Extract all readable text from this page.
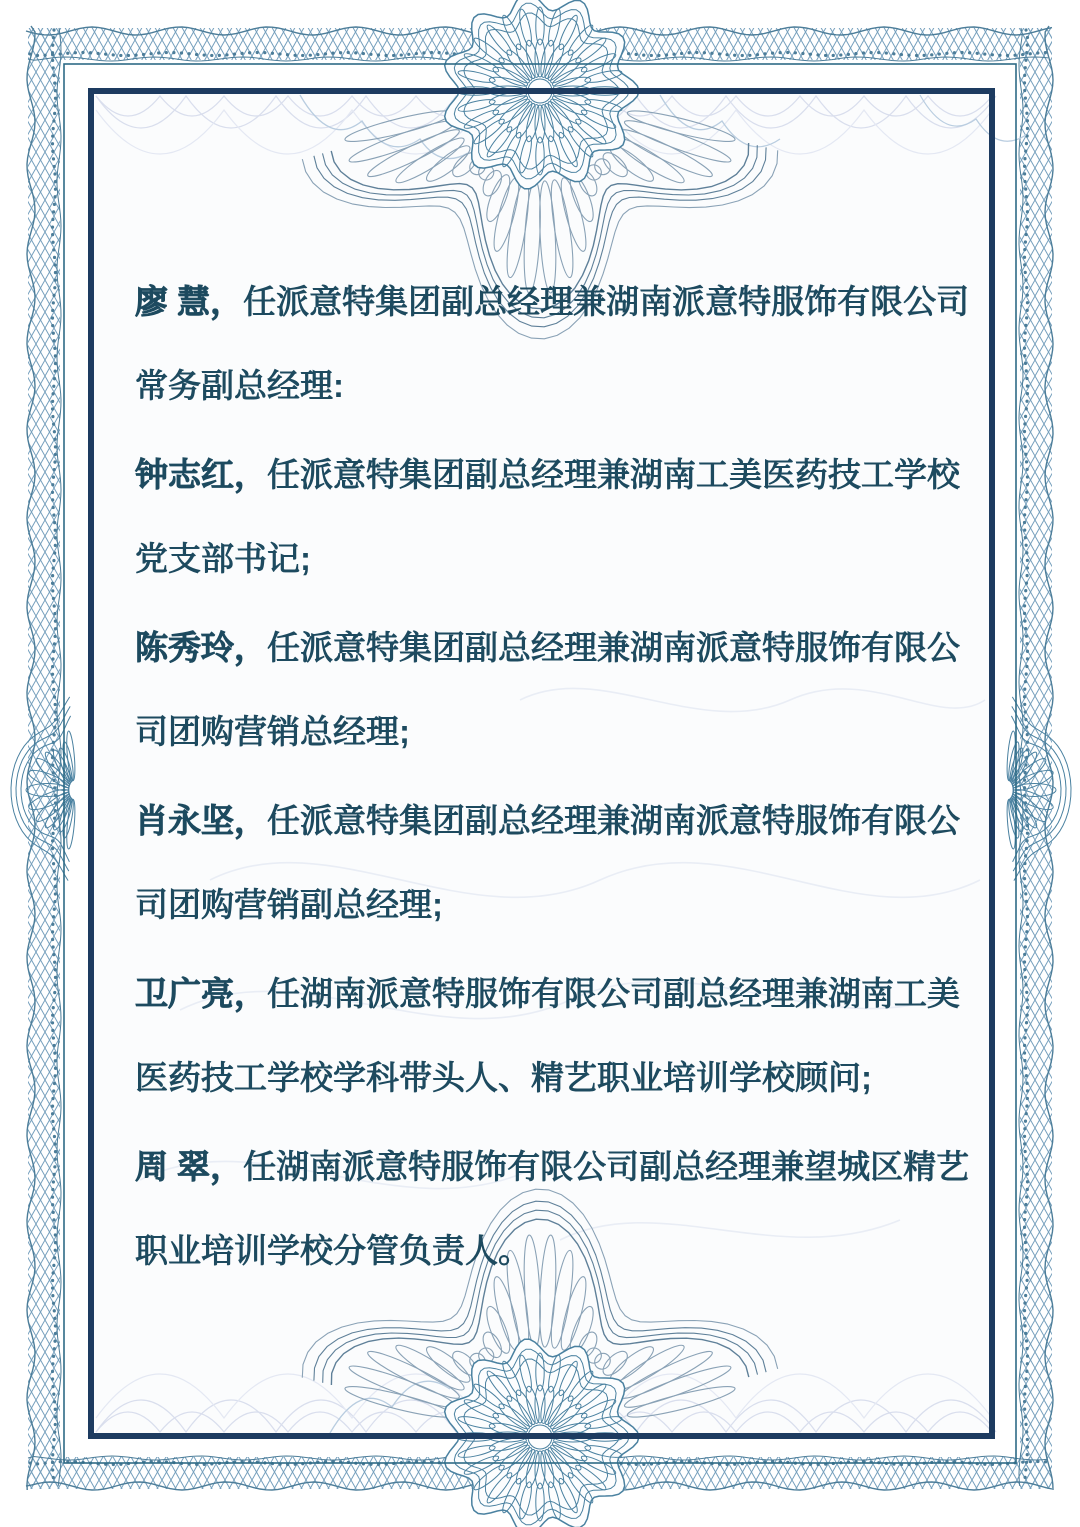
廖 慧，任派意特集团副总经理兼湖南派意特服饰有限公司
常务副总经理:

钟志红，任派意特集团副总经理兼湖南工美医药技工学校
党支部书记;

陈秀玲，任派意特集团副总经理兼湖南派意特服饰有限公
司团购营销总经理;

肖永坚，任派意特集团副总经理兼湖南派意特服饰有限公
司团购营销副总经理;

卫广亮，任湖南派意特服饰有限公司副总经理兼湖南工美
医药技工学校学科带头人、精艺职业培训学校顾问;

周 翠，任湖南派意特服饰有限公司副总经理兼望城区精艺
职业培训学校分管负责人。
